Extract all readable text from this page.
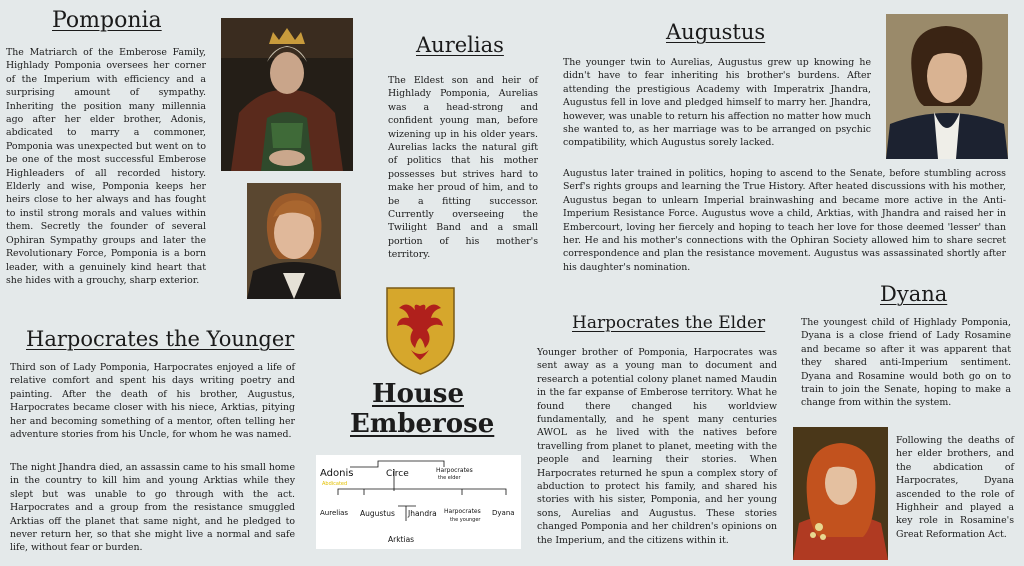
Pomponia

The Matriarch of the Emberose Family, Highlady Pomponia oversees her corner of the Imperium with efficiency and a surprising amount of sympathy. Inheriting the position many millennia ago after her elder brother, Adonis, abdicated to marry a commoner, Pomponia was unexpected but went on to be one of the most successful Emberose Highleaders of all recorded history. Elderly and wise, Pomponia keeps her heirs close to her always and has fought to instil strong morals and values within them. Secretly the founder of several Ophiran Sympathy groups and later the Revolutionary Force, Pomponia is a born leader, with a genuinely kind heart that she hides with a grouchy, sharp exterior.

Aurelias

The Eldest son and heir of Highlady Pomponia, Aurelias was a head-strong and confident young man, before wizening up in his older years. Aurelias lacks the natural gift of politics that his mother possesses but strives hard to make her proud of him, and to be a fitting successor. Currently overseeing the Twilight Band and a small portion of his mother's territory.

House
Emberose
Adonis
Abdicated
Circe	Harpocrates
the elder
Aurelias Augustus Jhandra Harpocrates
the younger
Dyana
Arktias
Harpocrates the Younger

Third son of Lady Pomponia, Harpocrates enjoyed a life of relative comfort and spent his days writing poetry and painting. After the death of his brother, Augustus, Harpocrates became closer with his niece, Arktias, pitying her and becoming something of a mentor, often telling her adventure stories from his Uncle, for whom he was named.

The night Jhandra died, an assassin came to his small home in the country to kill him and young Arktias while they slept but was unable to go through with the act. Harpocrates and a group from the resistance smuggled Arktias off the planet that same night, and he pledged to never return her, so that she might live a normal and safe life, without fear or burden.

Augustus

The younger twin to Aurelias, Augustus grew up knowing he didn't have to fear inheriting his brother's burdens. After attending the prestigious Academy with Imperatrix Jhandra, Augustus fell in love and pledged himself to marry her. Jhandra, however, was unable to return his affection no matter how much she wanted to, as her marriage was to be arranged on psychic compatibility, which Augustus sorely lacked.

Augustus later trained in politics, hoping to ascend to the Senate, before stumbling across Serf's rights groups and learning the True History. After heated discussions with his mother, Augustus began to unlearn Imperial brainwashing and became more active in the Anti-Imperium Resistance Force. Augustus wove a child, Arktias, with Jhandra and raised her in Embercourt, loving her fiercely and hoping to teach her love for those deemed 'lesser' than her. He and his mother's connections with the Ophiran Society allowed him to share secret correspondence and plan the resistance movement. Augustus was assassinated shortly after his daughter's nomination.

Harpocrates the Elder

Younger brother of Pomponia, Harpocrates was sent away as a young man to document and research a potential colony planet named Maudin in the far expanse of Emberose territory. What he found there changed his worldview fundamentally, and he spent many centuries AWOL as he lived with the natives before travelling from planet to planet, meeting with the people and learning their stories. When Harpocrates returned he spun a complex story of abduction to protect his family, and shared his stories with his sister, Pomponia, and her young sons, Aurelias and Augustus. These stories changed Pomponia and her children's opinions on the Imperium, and the citizens within it.

Dyana

The youngest child of Highlady Pomponia, Dyana is a close friend of Lady Rosamine and became so after it was apparent that they shared anti-Imperium sentiment. Dyana and Rosamine would both go on to train to join the Senate, hoping to make a change from within the system.

Following the deaths of her elder brothers, and the abdication of Harpocrates, Dyana ascended to the role of Highheir and played a key role in Rosamine's Great Reformation Act.
